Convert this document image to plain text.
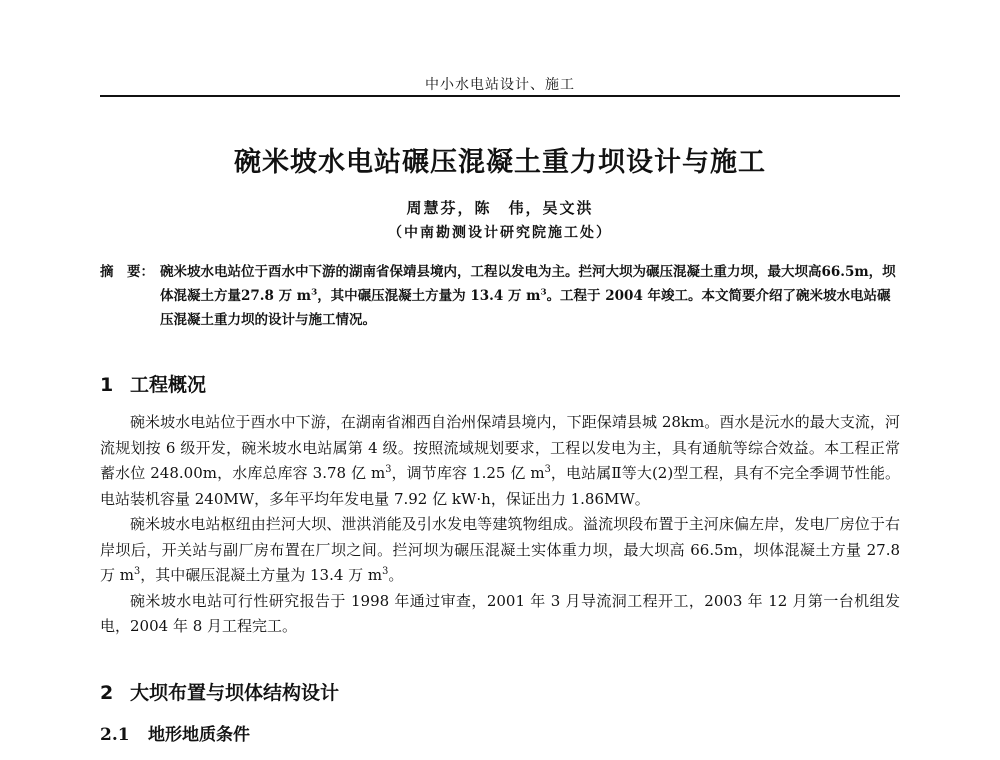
中小水电站设计、施工
碗米坡水电站碾压混凝土重力坝设计与施工
周慧芬，陈　伟，吴文洪
（中南勘测设计研究院施工处）
摘　要： 碗米坡水电站位于酉水中下游的湖南省保靖县境内，工程以发电为主。拦河大坝为碾压混凝土重力坝，最大坝高66.5m，坝体混凝土方量27.8 万 $m^3$，其中碾压混凝土方量为 13.4 万 $m^3$。工程于 2004 年竣工。本文简要介绍了碗米坡水电站碾压混凝土重力坝的设计与施工情况。
1 工程概况

碗米坡水电站位于酉水中下游，在湖南省湘西自治州保靖县境内，下距保靖县城 28km。酉水是沅水的最大支流，河流规划按 6 级开发，碗米坡水电站属第 4 级。按照流域规划要求，工程以发电为主，具有通航等综合效益。本工程正常蓄水位 248.00m，水库总库容 3.78 亿 $m^3$，调节库容 1.25 亿 $m^3$，电站属Ⅱ等大(2)型工程，具有不完全季调节性能。电站装机容量 240MW，多年平均年发电量 7.92 亿 kW·h，保证出力 1.86MW。

碗米坡水电站枢纽由拦河大坝、泄洪消能及引水发电等建筑物组成。溢流坝段布置于主河床偏左岸，发电厂房位于右岸坝后，开关站与副厂房布置在厂坝之间。拦河坝为碾压混凝土实体重力坝，最大坝高 66.5m，坝体混凝土方量 27.8 万 $m^3$，其中碾压混凝土方量为 13.4 万 $m^3$。

碗米坡水电站可行性研究报告于 1998 年通过审查，2001 年 3 月导流洞工程开工，2003 年 12 月第一台机组发电，2004 年 8 月工程完工。

2 大坝布置与坝体结构设计
2.1 地形地质条件
